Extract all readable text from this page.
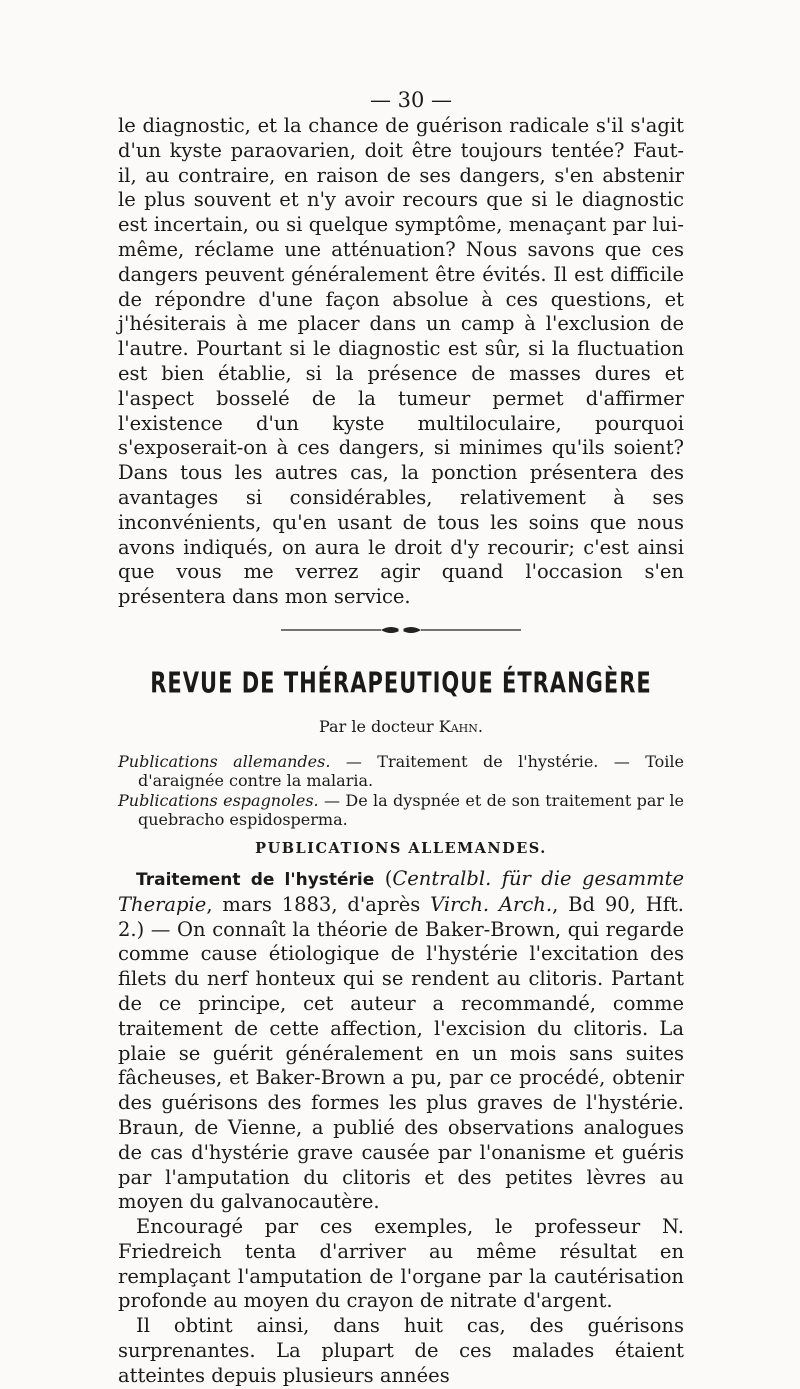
— 30 —

le diagnostic, et la chance de guérison radicale s'il s'agit d'un kyste paraovarien, doit être toujours tentée? Faut-il, au contraire, en raison de ses dangers, s'en abstenir le plus souvent et n'y avoir recours que si le diagnostic est incertain, ou si quelque symptôme, menaçant par lui-même, réclame une atténuation? Nous savons que ces dangers peuvent généralement être évités. Il est difficile de répondre d'une façon absolue à ces questions, et j'hésiterais à me placer dans un camp à l'exclusion de l'autre. Pourtant si le diagnostic est sûr, si la fluctuation est bien établie, si la présence de masses dures et l'aspect bosselé de la tumeur permet d'affirmer l'existence d'un kyste multiloculaire, pourquoi s'exposerait-on à ces dangers, si minimes qu'ils soient? Dans tous les autres cas, la ponction présentera des avantages si considérables, relativement à ses inconvénients, qu'en usant de tous les soins que nous avons indiqués, on aura le droit d'y recourir; c'est ainsi que vous me verrez agir quand l'occasion s'en présentera dans mon service.

REVUE DE THÉRAPEUTIQUE ÉTRANGÈRE
Par le docteur Kahn.

Publications allemandes. — Traitement de l'hystérie. — Toile d'araignée contre la malaria.

Publications espagnoles. — De la dyspnée et de son traitement par le quebracho espidosperma.

PUBLICATIONS ALLEMANDES.

Traitement de l'hystérie (Centralbl. für die gesammte Therapie, mars 1883, d'après Virch. Arch., Bd 90, Hft. 2.) — On connaît la théorie de Baker-Brown, qui regarde comme cause étiologique de l'hystérie l'excitation des filets du nerf honteux qui se rendent au clitoris. Partant de ce principe, cet auteur a recommandé, comme traitement de cette affection, l'excision du clitoris. La plaie se guérit généralement en un mois sans suites fâcheuses, et Baker-Brown a pu, par ce procédé, obtenir des guérisons des formes les plus graves de l'hystérie. Braun, de Vienne, a publié des observations analogues de cas d'hystérie grave causée par l'onanisme et guéris par l'amputation du clitoris et des petites lèvres au moyen du galvanocautère.

Encouragé par ces exemples, le professeur N. Friedreich tenta d'arriver au même résultat en remplaçant l'amputation de l'organe par la cautérisation profonde au moyen du crayon de nitrate d'argent.

Il obtint ainsi, dans huit cas, des guérisons surprenantes. La plupart de ces malades étaient atteintes depuis plusieurs années
